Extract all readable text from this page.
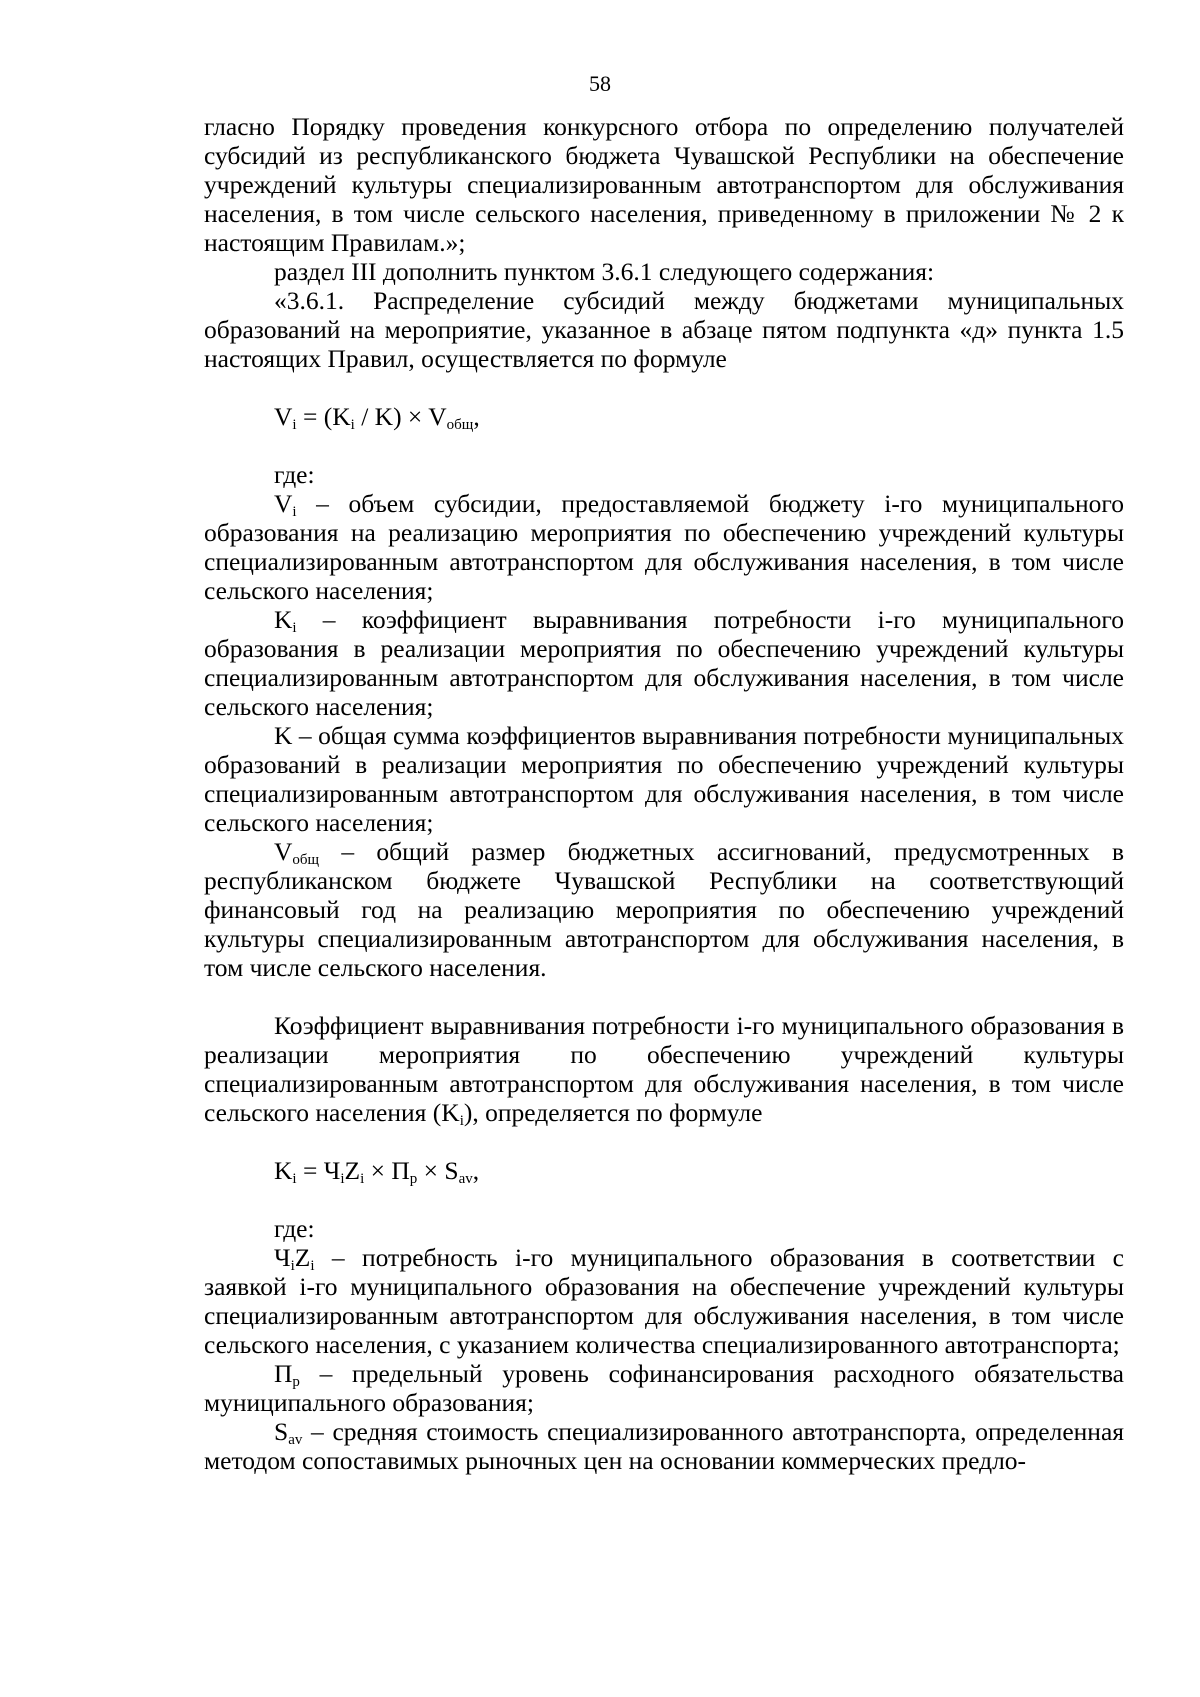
58

гласно Порядку проведения конкурсного отбора по определению получателей субсидий из республиканского бюджета Чувашской Республики на обеспечение учреждений культуры специализированным автотранспортом для обслуживания населения, в том числе сельского населения, приведенному в приложении № 2 к настоящим Правилам.»;

раздел III дополнить пунктом 3.6.1 следующего содержания:

«3.6.1. Распределение субсидий между бюджетами муниципальных образований на мероприятие, указанное в абзаце пятом подпункта «д» пункта 1.5 настоящих Правил, осуществляется по формуле

$V_i = (K_i / K) \times V_{общ}$,

где:

$V_i$ – объем субсидии, предоставляемой бюджету i-го муниципального образования на реализацию мероприятия по обеспечению учреждений культуры специализированным автотранспортом для обслуживания населения, в том числе сельского населения;

$K_i$ – коэффициент выравнивания потребности i-го муниципального образования в реализации мероприятия по обеспечению учреждений культуры специализированным автотранспортом для обслуживания населения, в том числе сельского населения;

K – общая сумма коэффициентов выравнивания потребности муниципальных образований в реализации мероприятия по обеспечению учреждений культуры специализированным автотранспортом для обслуживания населения, в том числе сельского населения;

$V_{общ}$ – общий размер бюджетных ассигнований, предусмотренных в республиканском бюджете Чувашской Республики на соответствующий финансовый год на реализацию мероприятия по обеспечению учреждений культуры специализированным автотранспортом для обслуживания населения, в том числе сельского населения.

Коэффициент выравнивания потребности i-го муниципального образования в реализации мероприятия по обеспечению учреждений культуры специализированным автотранспортом для обслуживания населения, в том числе сельского населения $(K_i)$, определяется по формуле

$K_i = Ч_iZ_i \times П_p \times S_{av}$,

где:

$Ч_iZ_i$ – потребность i-го муниципального образования в соответствии с заявкой i-го муниципального образования на обеспечение учреждений культуры специализированным автотранспортом для обслуживания населения, в том числе сельского населения, с указанием количества специализированного автотранспорта;

$П_р$ – предельный уровень софинансирования расходного обязательства муниципального образования;

$S_{av}$ – средняя стоимость специализированного автотранспорта, определенная методом сопоставимых рыночных цен на основании коммерческих предло-
